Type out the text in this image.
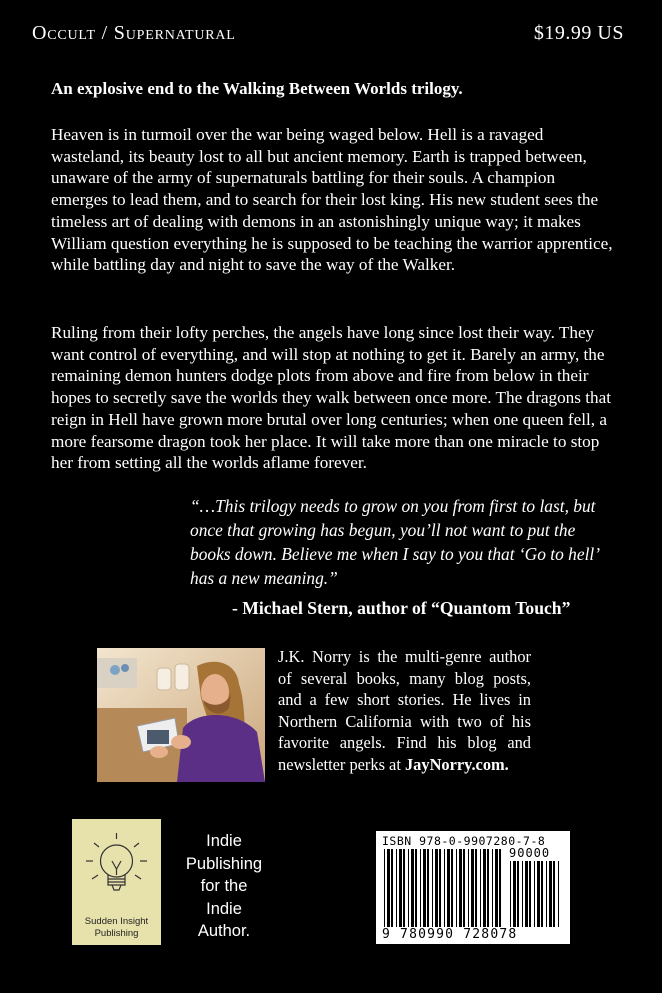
Occult / Supernatural	$19.99 US
An explosive end to the Walking Between Worlds trilogy.
Heaven is in turmoil over the war being waged below. Hell is a ravaged wasteland, its beauty lost to all but ancient memory. Earth is trapped between, unaware of the army of supernaturals battling for their souls. A champion emerges to lead them, and to search for their lost king. His new student sees the timeless art of dealing with demons in an astonishingly unique way; it makes William question everything he is supposed to be teaching the warrior apprentice, while battling day and night to save the way of the Walker.
Ruling from their lofty perches, the angels have long since lost their way. They want control of everything, and will stop at nothing to get it. Barely an army, the remaining demon hunters dodge plots from above and fire from below in their hopes to secretly save the worlds they walk between once more. The dragons that reign in Hell have grown more brutal over long centuries; when one queen fell, a more fearsome dragon took her place. It will take more than one miracle to stop her from setting all the worlds aflame forever.
“…This trilogy needs to grow on you from first to last, but once that growing has begun, you’ll not want to put the books down. Believe me when I say to you that ‘Go to hell’ has a new meaning.”
- Michael Stern, author of “Quantom Touch”
J.K. Norry is the multi-genre author of several books, many blog posts, and a few short stories. He lives in Northern California with two of his favorite angels. Find his blog and newsletter perks at JayNorry.com.
Sudden Insight
Publishing
Indie
Publishing
for the
Indie
Author.
ISBN 978-0-9907280-7-8
90000
9 780990 728078
